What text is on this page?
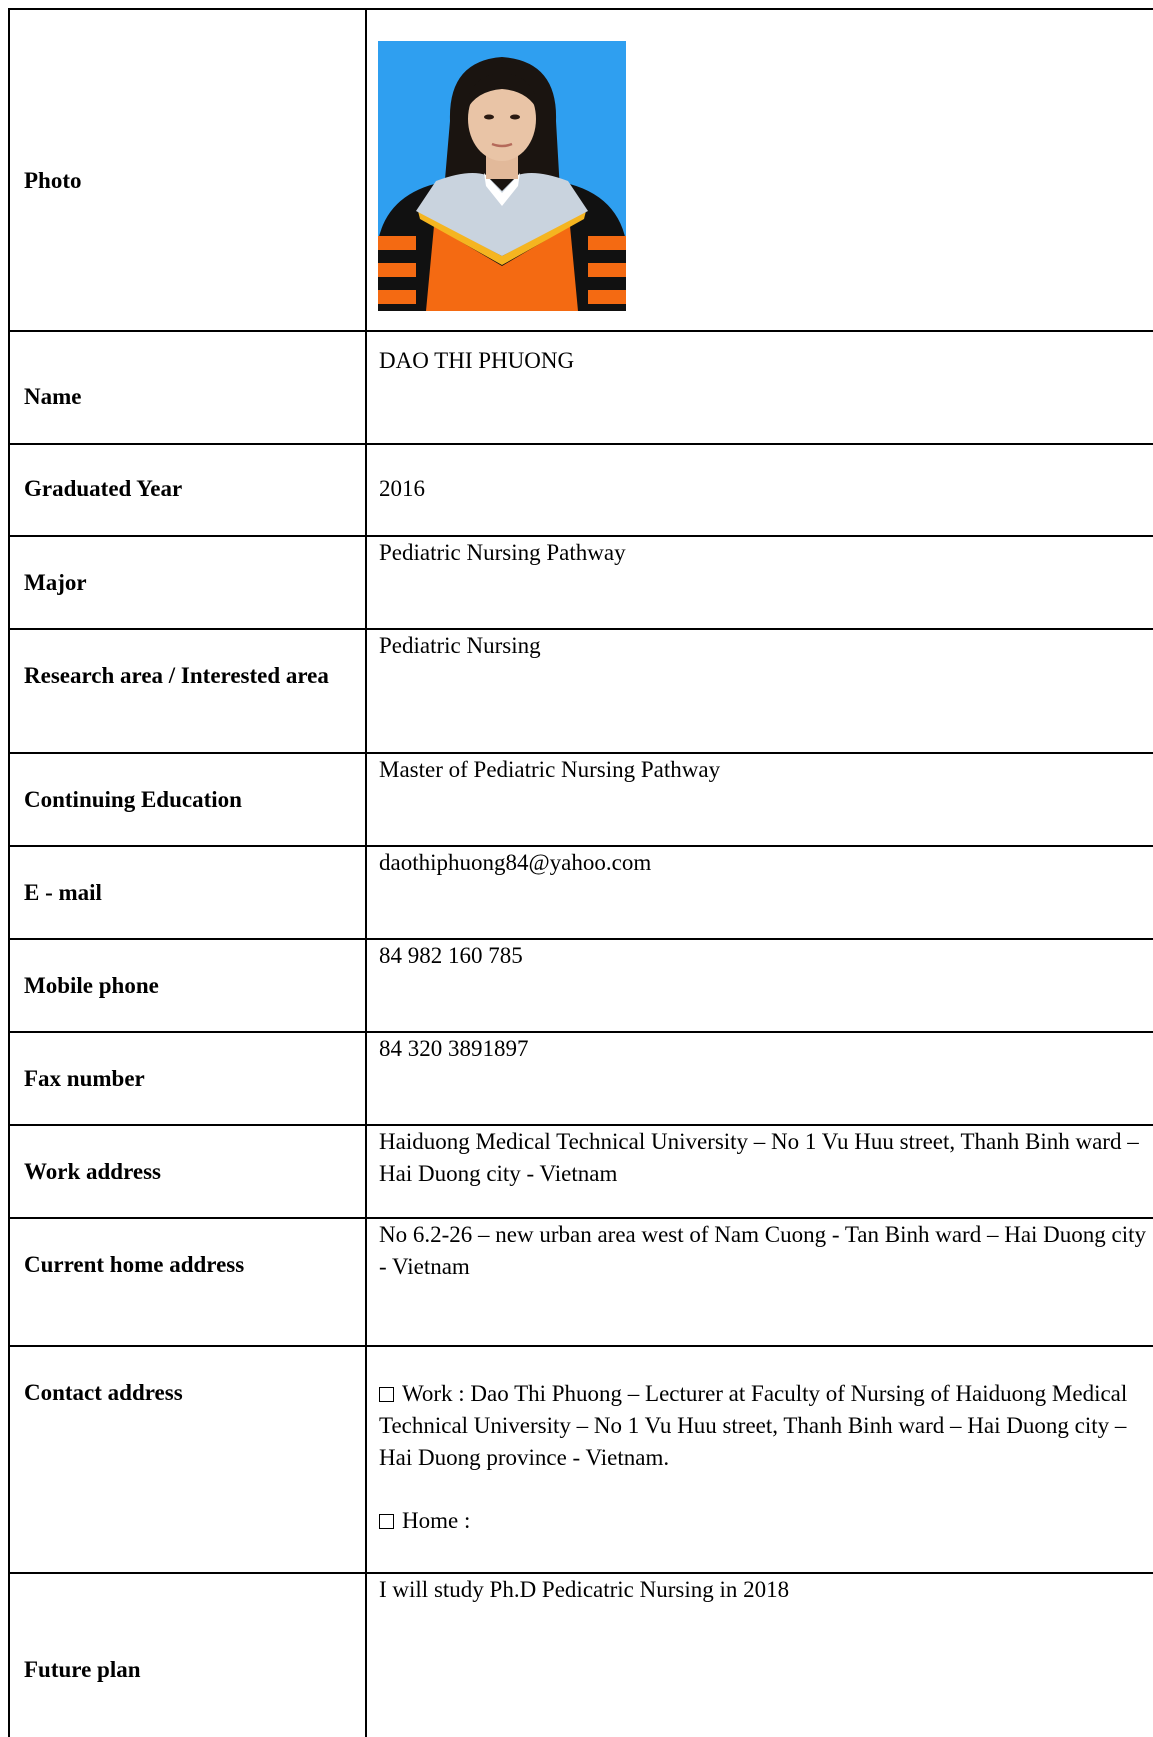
Photo
Name
DAO THI PHUONG
Graduated Year	2016
Major
Pediatric Nursing Pathway
Research area / Interested area
Pediatric Nursing
Continuing Education
Master of Pediatric Nursing Pathway
E - mail
daothiphuong84@yahoo.com
Mobile phone
84 982 160 785
Fax number
84 320 3891897
Work address
Haiduong Medical Technical University – No 1 Vu Huu street, Thanh Binh ward – Hai Duong city - Vietnam
Current home address
No 6.2-26 – new urban area west of Nam Cuong - Tan Binh ward – Hai Duong city - Vietnam
Contact address	Work : Dao Thi Phuong – Lecturer at Faculty of Nursing of Haiduong Medical Technical University – No 1 Vu Huu street, Thanh Binh ward – Hai Duong city – Hai Duong province - Vietnam.
Home :
Future plan
I will study Ph.D Pedicatric Nursing in 2018
